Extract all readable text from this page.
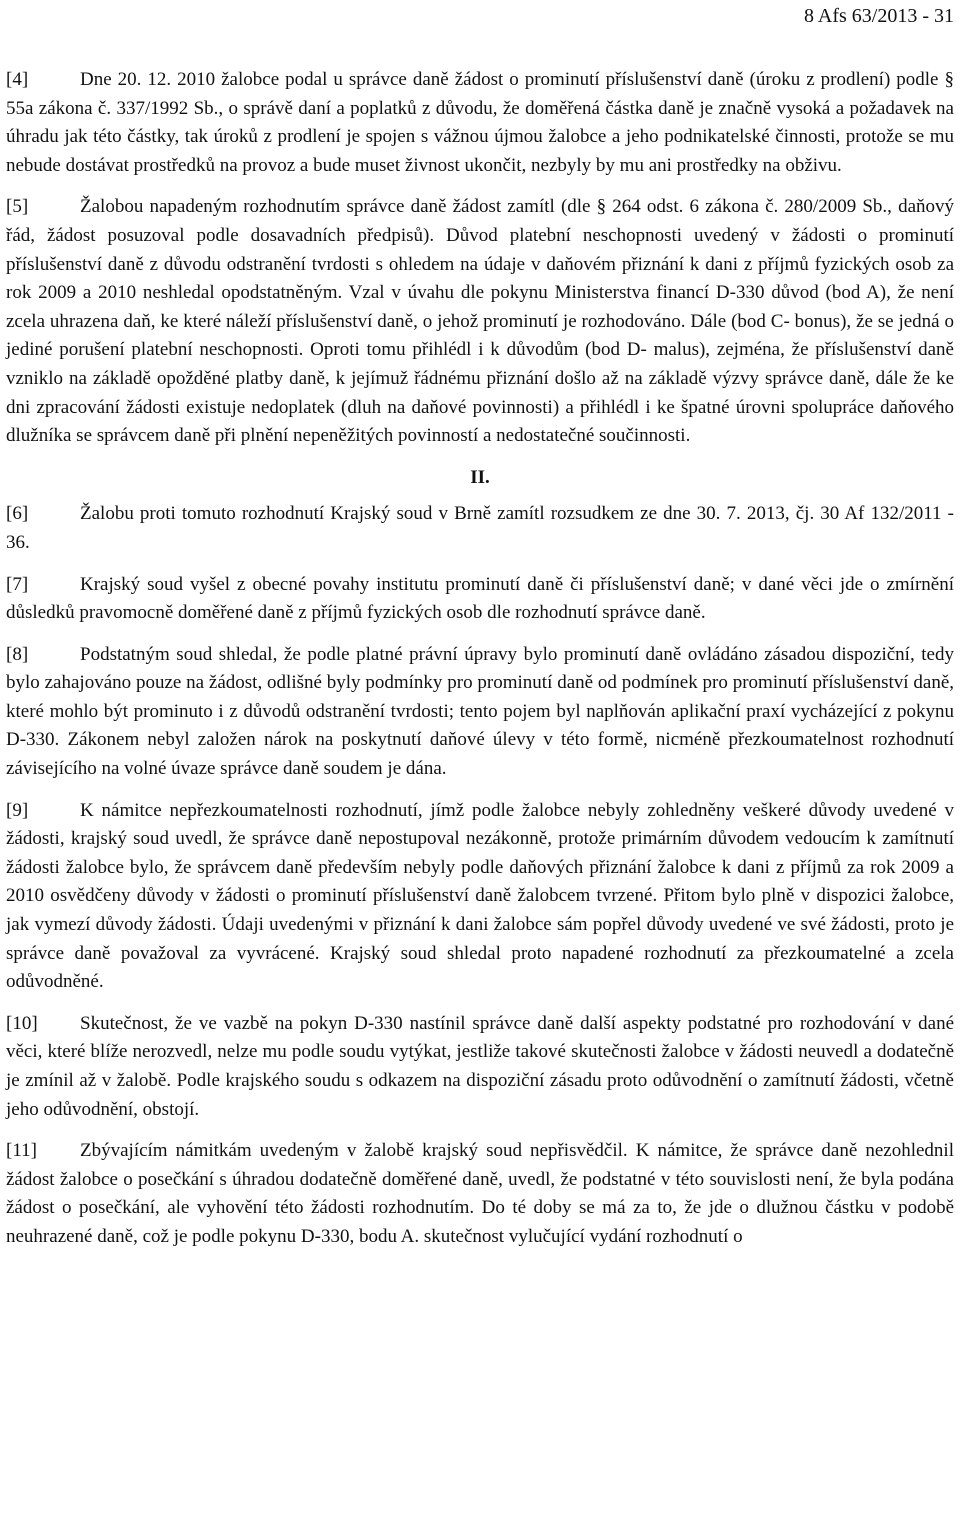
8 Afs 63/2013 - 31

[4]	Dne 20. 12. 2010 žalobce podal u správce daně žádost o prominutí příslušenství daně (úroku z prodlení) podle § 55a zákona č. 337/1992 Sb., o správě daní a poplatků z důvodu, že doměřená částka daně je značně vysoká a požadavek na úhradu jak této částky, tak úroků z prodlení je spojen s vážnou újmou žalobce a jeho podnikatelské činnosti, protože se mu nebude dostávat prostředků na provoz a bude muset živnost ukončit, nezbyly by mu ani prostředky na obživu.

[5]	Žalobou napadeným rozhodnutím správce daně žádost zamítl (dle § 264 odst. 6 zákona č. 280/2009 Sb., daňový řád, žádost posuzoval podle dosavadních předpisů). Důvod platební neschopnosti uvedený v žádosti o prominutí příslušenství daně z důvodu odstranění tvrdosti s ohledem na údaje v daňovém přiznání k dani z příjmů fyzických osob za rok 2009 a 2010 neshledal opodstatněným. Vzal v úvahu dle pokynu Ministerstva financí D-330 důvod (bod A), že není zcela uhrazena daň, ke které náleží příslušenství daně, o jehož prominutí je rozhodováno. Dále (bod C- bonus), že se jedná o jediné porušení platební neschopnosti. Oproti tomu přihlédl i k důvodům (bod D- malus), zejména, že příslušenství daně vzniklo na základě opožděné platby daně, k jejímuž řádnému přiznání došlo až na základě výzvy správce daně, dále že ke dni zpracování žádosti existuje nedoplatek (dluh na daňové povinnosti) a přihlédl i ke špatné úrovni spolupráce daňového dlužníka se správcem daně při plnění nepeněžitých povinností a nedostatečné součinnosti.

II.

[6]	Žalobu proti tomuto rozhodnutí Krajský soud v Brně zamítl rozsudkem ze dne 30. 7. 2013, čj. 30 Af 132/2011 - 36.

[7]	Krajský soud vyšel z obecné povahy institutu prominutí daně či příslušenství daně; v dané věci jde o zmírnění důsledků pravomocně doměřené daně z příjmů fyzických osob dle rozhodnutí správce daně.

[8]	Podstatným soud shledal, že podle platné právní úpravy bylo prominutí daně ovládáno zásadou dispoziční, tedy bylo zahajováno pouze na žádost, odlišné byly podmínky pro prominutí daně od podmínek pro prominutí příslušenství daně, které mohlo být prominuto i z důvodů odstranění tvrdosti; tento pojem byl naplňován aplikační praxí vycházející z pokynu D-330. Zákonem nebyl založen nárok na poskytnutí daňové úlevy v této formě, nicméně přezkoumatelnost rozhodnutí závisejícího na volné úvaze správce daně soudem je dána.

[9]	K námitce nepřezkoumatelnosti rozhodnutí, jímž podle žalobce nebyly zohledněny veškeré důvody uvedené v žádosti, krajský soud uvedl, že správce daně nepostupoval nezákonně, protože primárním důvodem vedoucím k zamítnutí žádosti žalobce bylo, že správcem daně především nebyly podle daňových přiznání žalobce k dani z příjmů za rok 2009 a 2010 osvědčeny důvody v žádosti o prominutí příslušenství daně žalobcem tvrzené. Přitom bylo plně v dispozici žalobce, jak vymezí důvody žádosti. Údaji uvedenými v přiznání k dani žalobce sám popřel důvody uvedené ve své žádosti, proto je správce daně považoval za vyvrácené. Krajský soud shledal proto napadené rozhodnutí za přezkoumatelné a zcela odůvodněné.

[10] Skutečnost, že ve vazbě na pokyn D-330 nastínil správce daně další aspekty podstatné pro rozhodování v dané věci, které blíže nerozvedl, nelze mu podle soudu vytýkat, jestliže takové skutečnosti žalobce v žádosti neuvedl a dodatečně je zmínil až v žalobě. Podle krajského soudu s odkazem na dispoziční zásadu proto odůvodnění o zamítnutí žádosti, včetně jeho odůvodnění, obstojí.

[11] Zbývajícím námitkám uvedeným v žalobě krajský soud nepřisvědčil. K námitce, že správce daně nezohlednil žádost žalobce o posečkání s úhradou dodatečně doměřené daně, uvedl, že podstatné v této souvislosti není, že byla podána žádost o posečkání, ale vyhovění této žádosti rozhodnutím. Do té doby se má za to, že jde o dlužnou částku v podobě neuhrazené daně, což je podle pokynu D-330, bodu A. skutečnost vylučující vydání rozhodnutí o
